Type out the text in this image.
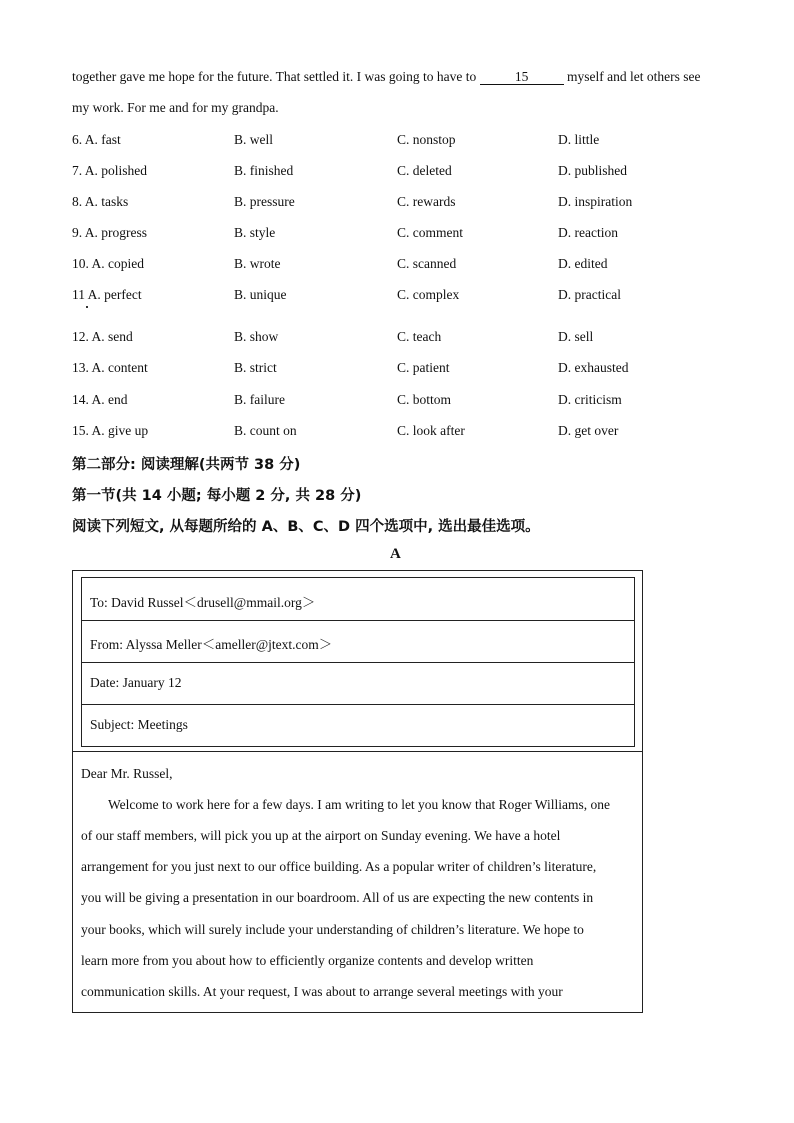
together gave me hope for the future. That settled it. I was going to have to	15	myself and let others see
my work. For me and for my grandpa.
6. A. fast	B. well	C. nonstop	D. little
7. A. polished	B. finished	C. deleted	D. published
8. A. tasks	B. pressure	C. rewards	D. inspiration
9. A. progress	B. style	C. comment	D. reaction
10. A. copied	B. wrote	C. scanned	D. edited
11 A. perfect	B. unique	C. complex	D. practical
12. A. send	B. show	C. teach	D. sell
13. A. content	B. strict	C. patient	D. exhausted
14. A. end	B. failure	C. bottom	D. criticism
15. A. give up	B. count on	C. look after	D. get over
第二部分: 阅读理解(共两节 38 分)
第一节(共 14 小题; 每小题 2 分, 共 28 分)
阅读下列短文, 从每题所给的 A、B、C、D 四个选项中, 选出最佳选项。
A
To: David Russel＜drusell@mmail.org＞
From: Alyssa Meller＜ameller@jtext.com＞
Date: January 12
Subject: Meetings
Dear Mr. Russel,
Welcome to work here for a few days. I am writing to let you know that Roger Williams, one
of our staff members, will pick you up at the airport on Sunday evening. We have a hotel
arrangement for you just next to our office building. As a popular writer of children’s literature,
you will be giving a presentation in our boardroom. All of us are expecting the new contents in
your books, which will surely include your understanding of children’s literature. We hope to
learn more from you about how to efficiently organize contents and develop written
communication skills. At your request, I was about to arrange several meetings with your
